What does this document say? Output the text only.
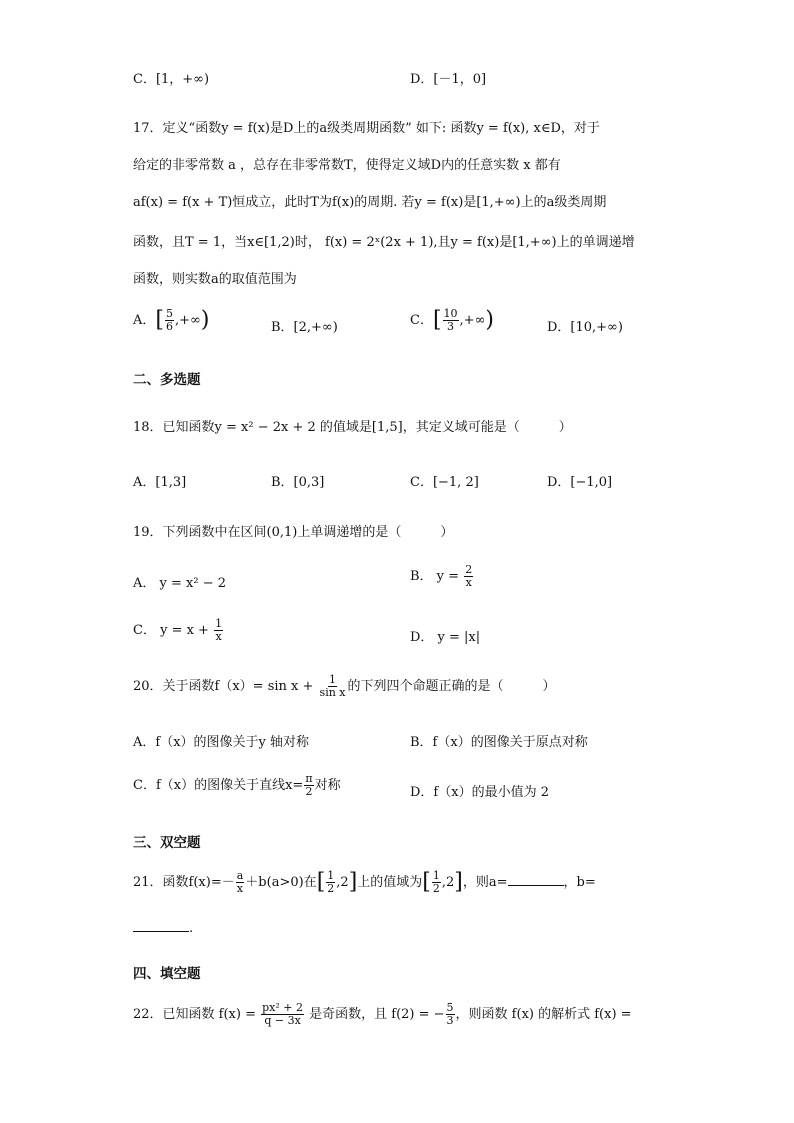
C．[1，+∞)	D．[－1，0]
17．定义“函数y = f(x)是D上的a级类周期函数” 如下: 函数y = f(x), x∈D，对于
给定的非零常数 a ，总存在非零常数T，使得定义域D内的任意实数 x 都有
af(x) = f(x + T)恒成立，此时T为f(x)的周期. 若y = f(x)是[1,+∞)上的a级类周期
函数，且T = 1，当x∈[1,2)时， f(x) = 2ˣ(2x + 1),且y = f(x)是[1,+∞)上的单调递增
函数，则实数a的取值范围为
A．[ $\frac{5}{6}$ ,+∞)	B．[2,+∞)	C．[ $\frac{10}{3}$ ,+∞)	D．[10,+∞)
二、多选题
18．已知函数y = x² − 2x + 2 的值域是[1,5]，其定义域可能是（　　　）
A．[1,3]	B．[0,3]	C．[−1, 2]	D．[−1,0]
19．下列函数中在区间(0,1)上单调递增的是（　　　）
A． y = x² − 2	B． $y = \frac{2}{x}$
C． $y = x + \frac{1}{x}$	D． y = |x|
20．关于函数$f(x)= \sin x + \frac{1}{\text{sin x}}$ 的下列四个命题正确的是（　　　）
A．f（x）的图像关于y 轴对称	B．f（x）的图像关于原点对称
C．f（x）的图像关于直线$x= \frac{\pi}{2}$ 对称	D．f（x）的最小值为 2
三、双空题
21．函数$f(x)=- \frac{a}{x} +b(a>0)$在[ $\frac{1}{2} ,2$]上的值域为[ $\frac{1}{2} ,2$]，则a=	，b=
.
四、填空题
22．已知函数 $f(x) = \frac{\text{px² + 2}}{q - 3x}$ 是奇函数，且 f(2) = − $\frac{5}{3}$ ，则函数 f(x) 的解析式 f(x) =
